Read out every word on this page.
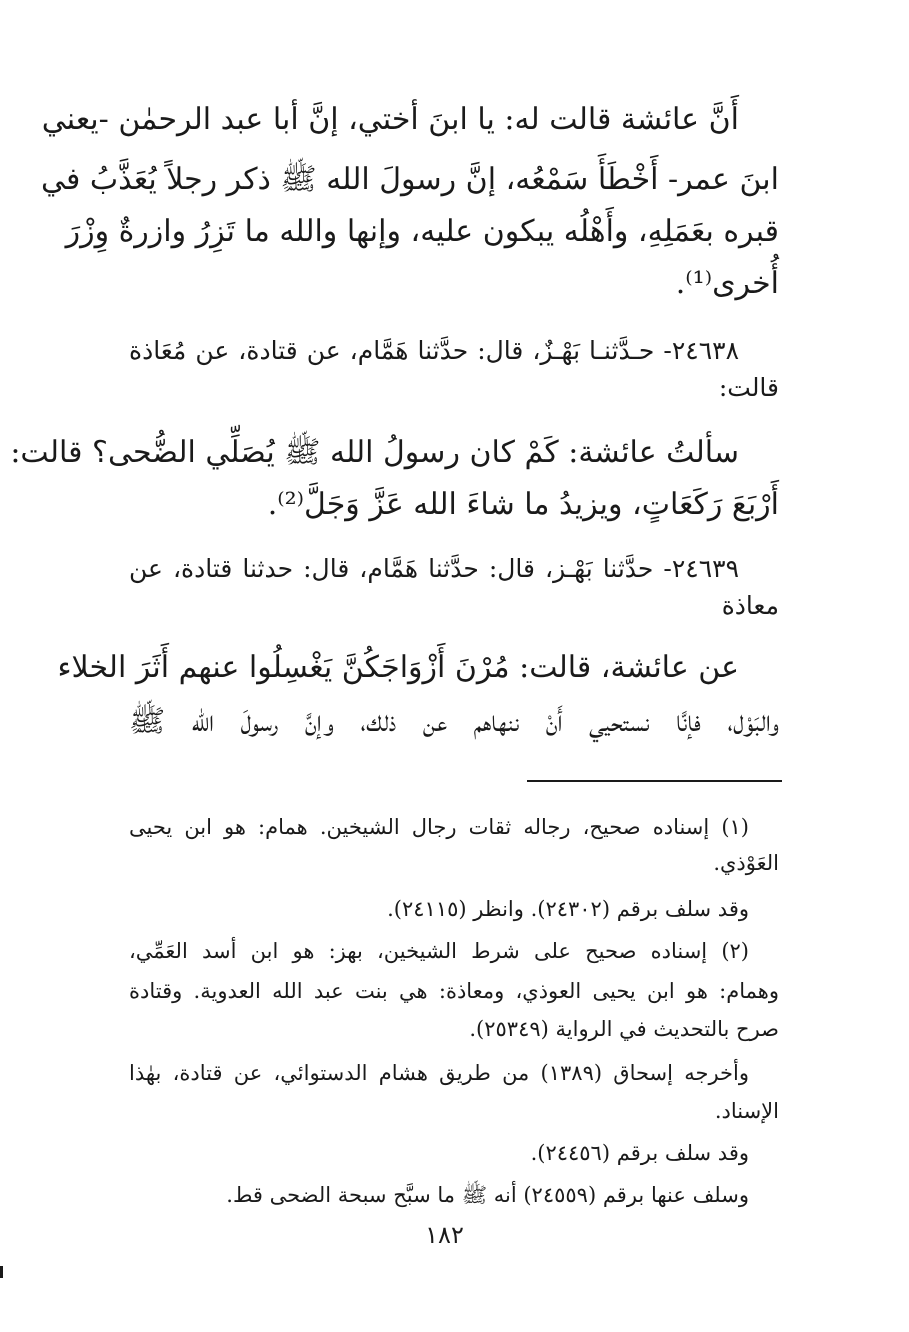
أَنَّ عائشة قالت له: يا ابنَ أختي، إنَّ أبا عبد الرحمٰن -يعني
ابنَ عمر- أَخْطَأَ سَمْعُه، إنَّ رسولَ الله ﷺ ذكر رجلاً يُعَذَّبُ في
قبره بعَمَلِهِ، وأَهْلُه يبكون عليه، وإنها والله ما تَزِرُ وازرةٌ وِزْرَ
أُخرى⁽¹⁾.
٢٤٦٣٨- حـدَّثنـا بَهْـزٌ، قال: حدَّثنا هَمَّام، عن قتادة، عن مُعَاذة
قالت:
سألتُ عائشة: كَمْ كان رسولُ الله ﷺ يُصَلِّي الضُّحى؟ قالت:
أَرْبَعَ رَكَعَاتٍ، ويزيدُ ما شاءَ الله عَزَّ وَجَلَّ⁽²⁾.
٢٤٦٣٩- حدَّثنا بَهْـز، قال: حدَّثنا هَمَّام، قال: حدثنا قتادة، عن
معاذة
عن عائشة، قالت: مُرْنَ أَزْوَاجَكُنَّ يَغْسِلُوا عنهم أَثَرَ الخلاء
والبَوْل، فإنَّا نستحيي أَنْ ننهاهم عن ذلك، وإنَّ رسولَ الله ﷺ
(١) إسناده صحيح، رجاله ثقات رجال الشيخين. همام: هو ابن يحيى
العَوْذي.
وقد سلف برقم (٢٤٣٠٢). وانظر (٢٤١١٥).
(٢) إسناده صحيح على شرط الشيخين، بهز: هو ابن أسد العَمِّي،
وهمام: هو ابن يحيى العوذي، ومعاذة: هي بنت عبد الله العدوية. وقتادة
صرح بالتحديث في الرواية (٢٥٣٤٩).
وأخرجه إسحاق (١٣٨٩) من طريق هشام الدستوائي، عن قتادة، بهٰذا
الإسناد.
وقد سلف برقم (٢٤٤٥٦).
وسلف عنها برقم (٢٤٥٥٩) أنه ﷺ ما سبَّح سبحة الضحى قط.
١٨٢
